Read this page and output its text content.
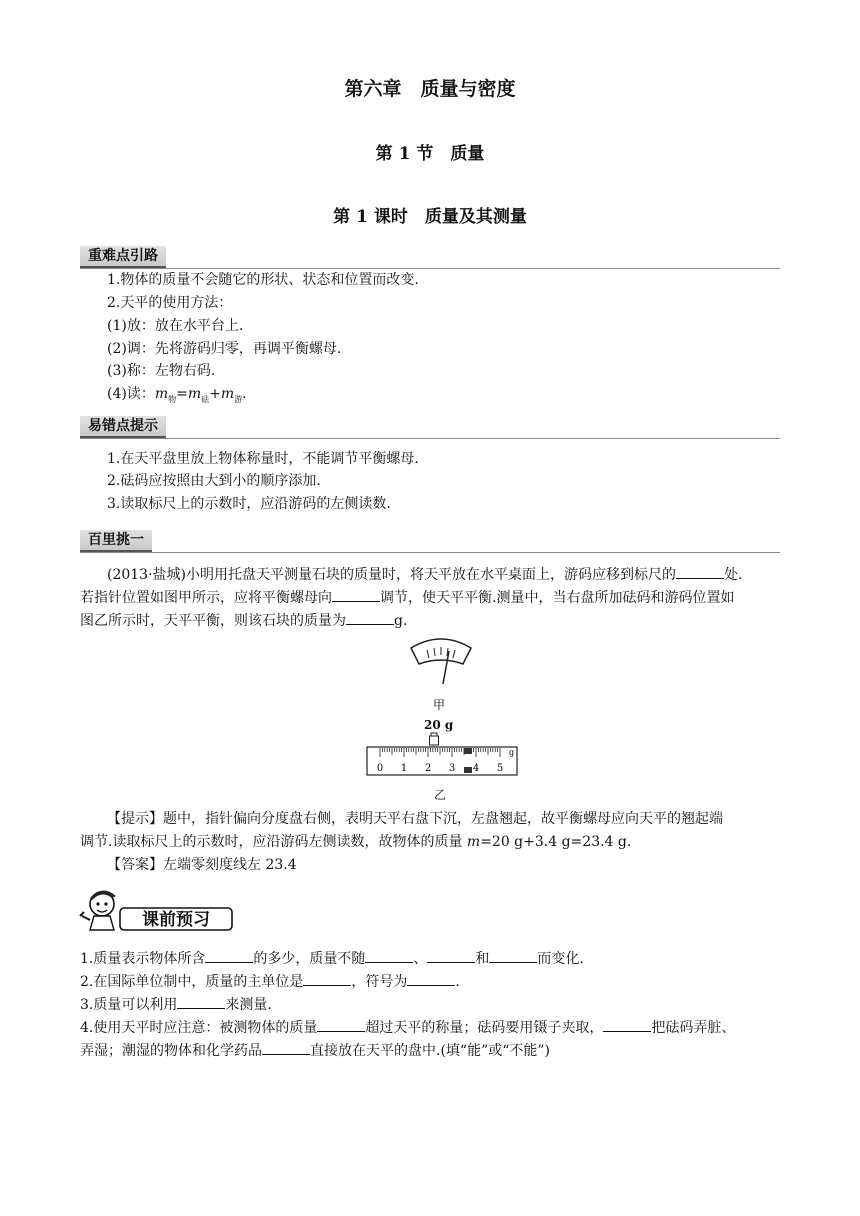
第六章　质量与密度
第 1 节　质量
第 1 课时　质量及其测量
重难点引路
1.物体的质量不会随它的形状、状态和位置而改变.
2.天平的使用方法：
(1)放：放在水平台上.
(2)调：先将游码归零，再调平衡螺母.
(3)称：左物右码.
(4)读：$m_物=m_砝+m_游$.
易错点提示
1.在天平盘里放上物体称量时，不能调节平衡螺母.
2.砝码应按照由大到小的顺序添加.
3.读取标尺上的示数时，应沿游码的左侧读数.
百里挑一
(2013·盐城)小明用托盘天平测量石块的质量时，将天平放在水平桌面上，游码应移到标尺的	处.
若指针位置如图甲所示，应将平衡螺母向	调节，使天平平衡.测量中，当右盘所加砝码和游码位置如
图乙所示时，天平平衡，则该石块的质量为	g.
甲
20 g
0 1 2 3 4 5
g
乙
【提示】题中，指针偏向分度盘右侧，表明天平右盘下沉，左盘翘起，故平衡螺母应向天平的翘起端
调节.读取标尺上的示数时，应沿游码左侧读数，故物体的质量 m=20 g+3.4 g=23.4 g.
【答案】左端零刻度线左 23.4
课前预习
1.质量表示物体所含	的多少，质量不随	、	和	而变化.
2.在国际单位制中，质量的主单位是	，符号为	.
3.质量可以利用	来测量.
4.使用天平时应注意：被测物体的质量	超过天平的称量；砝码要用镊子夹取，	把砝码弄脏、
弄湿；潮湿的物体和化学药品	直接放在天平的盘中.(填“能”或“不能”)
